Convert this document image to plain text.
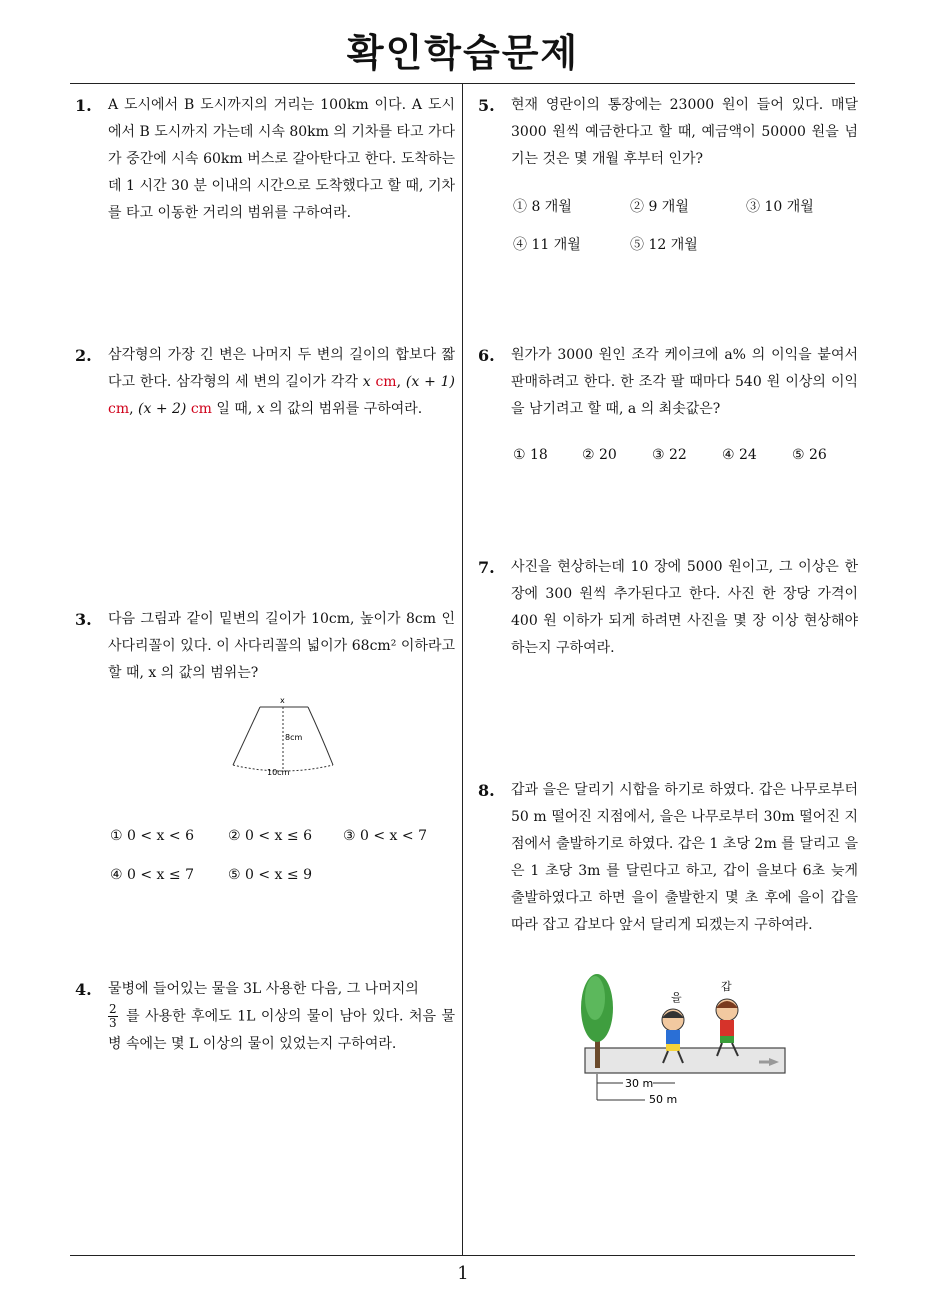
확인학습문제
1
1. A 도시에서 B 도시까지의 거리는 100km 이다. A 도시에서 B 도시까지 가는데 시속 80km 의 기차를 타고 가다가 중간에 시속 60km 버스로 갈아탄다고 한다. 도착하는 데 1 시간 30 분 이내의 시간으로 도착했다고 할 때, 기차를 타고 이동한 거리의 범위를 구하여라.
2. 삼각형의 가장 긴 변은 나머지 두 변의 길이의 합보다 짧다고 한다. 삼각형의 세 변의 길이가 각각 x cm, (x + 1) cm, (x + 2) cm 일 때, x 의 값의 범위를 구하여라.
3. 다음 그림과 같이 밑변의 길이가 10cm, 높이가 8cm 인 사다리꼴이 있다. 이 사다리꼴의 넓이가 68cm² 이하라고 할 때, x 의 값의 범위는?
x
8cm
10cm
① 0 < x < 6 ② 0 < x ≤ 6 ③ 0 < x < 7
④ 0 < x ≤ 7 ⑤ 0 < x ≤ 9
4. 물병에 들어있는 물을 3L 사용한 다음, 그 나머지의

$\frac{2}{3}$ 를 사용한 후에도 1L 이상의 물이 남아 있다. 처음 물병 속에는 몇 L 이상의 물이 있었는지 구하여라.
5. 현재 영란이의 통장에는 23000 원이 들어 있다. 매달 3000 원씩 예금한다고 할 때, 예금액이 50000 원을 넘기는 것은 몇 개월 후부터 인가?
① 8 개월	② 9 개월	③ 10 개월
④ 11 개월	⑤ 12 개월
6. 원가가 3000 원인 조각 케이크에 a% 의 이익을 붙여서 판매하려고 한다. 한 조각 팔 때마다 540 원 이상의 이익을 남기려고 할 때, a 의 최솟값은?
① 18 ② 20	③ 22	④ 24	⑤ 26
7. 사진을 현상하는데 10 장에 5000 원이고, 그 이상은 한 장에 300 원씩 추가된다고 한다. 사진 한 장당 가격이 400 원 이하가 되게 하려면 사진을 몇 장 이상 현상해야 하는지 구하여라.
8. 갑과 을은 달리기 시합을 하기로 하였다. 갑은 나무로부터 50 m 떨어진 지점에서, 을은 나무로부터 30m 떨어진 지점에서 출발하기로 하였다. 갑은 1 초당 2m 를 달리고 을은 1 초당 3m 를 달린다고 하고, 갑이 을보다 6초 늦게 출발하였다고 하면 을이 출발한지 몇 초 후에 을이 갑을 따라 잡고 갑보다 앞서 달리게 되겠는지 구하여라.
을
갑
30 m
50 m
